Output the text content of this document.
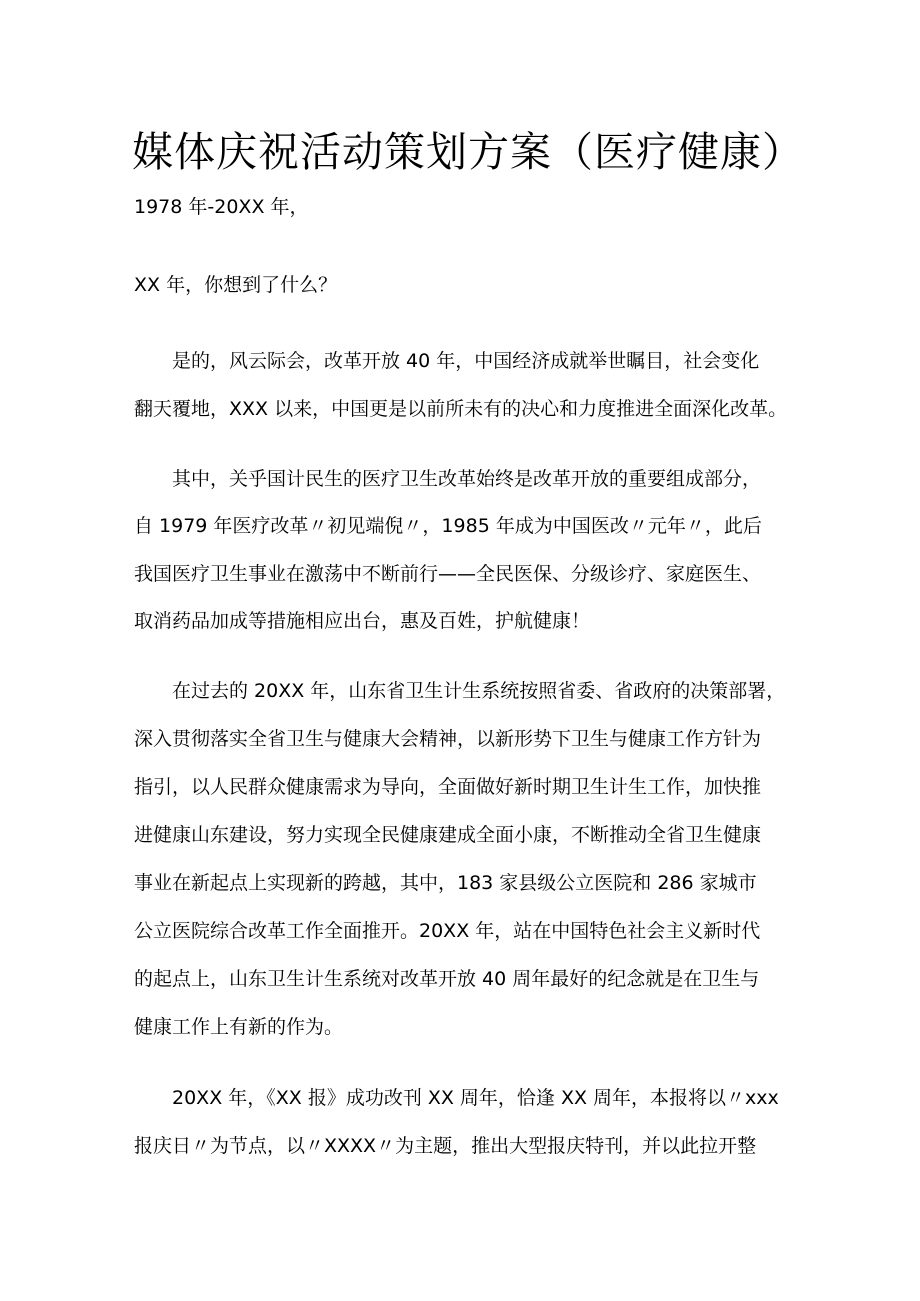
媒体庆祝活动策划方案（医疗健康）

1978 年-20XX 年，

XX 年，你想到了什么？

　　是的，风云际会，改革开放 40 年，中国经济成就举世瞩目，社会变化

翻天覆地，XXX 以来，中国更是以前所未有的决心和力度推进全面深化改革。

　　其中，关乎国计民生的医疗卫生改革始终是改革开放的重要组成部分，

自 1979 年医疗改革〃初见端倪〃，1985 年成为中国医改〃元年〃，此后

我国医疗卫生事业在激荡中不断前行——全民医保、分级诊疗、家庭医生、

取消药品加成等措施相应出台，惠及百姓，护航健康！

　　在过去的 20XX 年，山东省卫生计生系统按照省委、省政府的决策部署，

深入贯彻落实全省卫生与健康大会精神，以新形势下卫生与健康工作方针为

指引，以人民群众健康需求为导向，全面做好新时期卫生计生工作，加快推

进健康山东建设，努力实现全民健康建成全面小康，不断推动全省卫生健康

事业在新起点上实现新的跨越，其中，183 家县级公立医院和 286 家城市

公立医院综合改革工作全面推开。20XX 年，站在中国特色社会主义新时代

的起点上，山东卫生计生系统对改革开放 40 周年最好的纪念就是在卫生与

健康工作上有新的作为。

　　20XX 年，《XX 报》成功改刊 XX 周年，恰逢 XX 周年，本报将以〃xxx

报庆日〃为节点，以〃XXXX〃为主题，推出大型报庆特刊，并以此拉开整
